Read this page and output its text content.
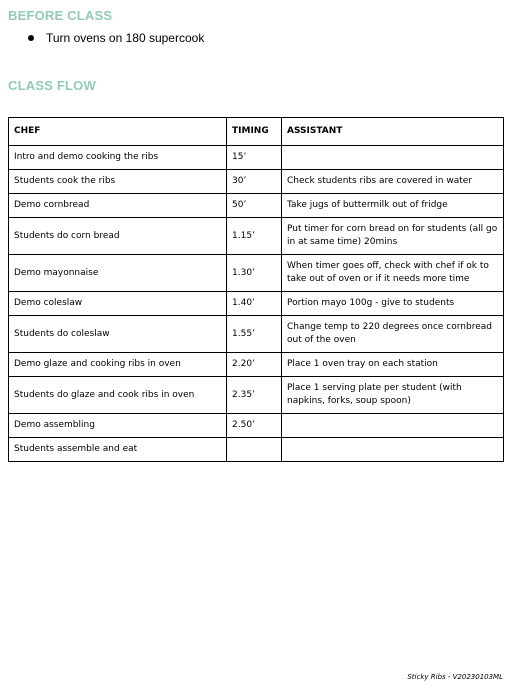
BEFORE CLASS
Turn ovens on 180 supercook
CLASS FLOW
CHEF	TIMING	ASSISTANT
Intro and demo cooking the ribs	15’	
Students cook the ribs	30’	Check students ribs are covered in water
Demo cornbread	50’	Take jugs of buttermilk out of fridge
Students do corn bread	1.15’	Put timer for corn bread on for students (all go in at same time) 20mins
Demo mayonnaise	1.30’	When timer goes off, check with chef if ok to take out of oven or if it needs more time
Demo coleslaw	1.40’	Portion mayo 100g - give to students
Students do coleslaw	1.55’	Change temp to 220 degrees once cornbread out of the oven
Demo glaze and cooking ribs in oven	2.20’	Place 1 oven tray on each station
Students do glaze and cook ribs in oven	2.35’	Place 1 serving plate per student (with napkins, forks, soup spoon)
Demo assembling	2.50’	
Students assemble and eat		
Sticky Ribs - V20230103ML
